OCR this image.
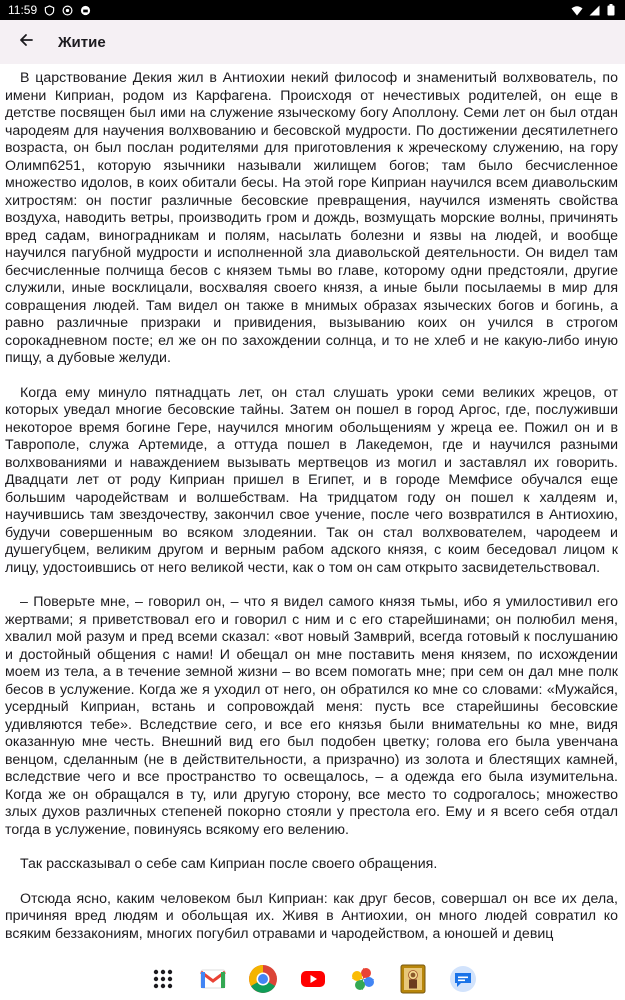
11:59
Житие

В царствование Декия жил в Антиохии некий философ и знаменитый волхвователь, по имени Киприан, родом из Карфагена. Происходя от нечестивых родителей, он еще в детстве посвящен был ими на служение языческому богу Аполлону. Семи лет он был отдан чародеям для научения волхвованию и бесовской мудрости. По достижении десятилетнего возраста, он был послан родителями для приготовления к жреческому служению, на гору Олимп6251, которую язычники называли жилищем богов; там было бесчисленное множество идолов, в коих обитали бесы. На этой горе Киприан научился всем диавольским хитростям: он постиг различные бесовские превращения, научился изменять свойства воздуха, наводить ветры, производить гром и дождь, возмущать морские волны, причинять вред садам, виноградникам и полям, насылать болезни и язвы на людей, и вообще научился пагубной мудрости и исполненной зла диавольской деятельности. Он видел там бесчисленные полчища бесов с князем тьмы во главе, которому одни предстояли, другие служили, иные восклицали, восхваляя своего князя, а иные были посылаемы в мир для совращения людей. Там видел он также в мнимых образах языческих богов и богинь, а равно различные призраки и привидения, вызыванию коих он учился в строгом сорокадневном посте; ел же он по захождении солнца, и то не хлеб и не какую-либо иную пищу, а дубовые желуди.

Когда ему минуло пятнадцать лет, он стал слушать уроки семи великих жрецов, от которых уведал многие бесовские тайны. Затем он пошел в город Аргос, где, послуживши некоторое время богине Гере, научился многим обольщениям у жреца ее. Пожил он и в Таврополе, служа Артемиде, а оттуда пошел в Лакедемон, где и научился разными волхвованиями и наваждением вызывать мертвецов из могил и заставлял их говорить. Двадцати лет от роду Киприан пришел в Египет, и в городе Мемфисе обучался еще большим чародействам и волшебствам. На тридцатом году он пошел к халдеям и, научившись там звездочеству, закончил свое учение, после чего возвратился в Антиохию, будучи совершенным во всяком злодеянии. Так он стал волхвователем, чародеем и душегубцем, великим другом и верным рабом адского князя, с коим беседовал лицом к лицу, удостоившись от него великой чести, как о том он сам открыто засвидетельствовал.

– Поверьте мне, – говорил он, – что я видел самого князя тьмы, ибо я умилостивил его жертвами; я приветствовал его и говорил с ним и с его старейшинами; он полюбил меня, хвалил мой разум и пред всеми сказал: «вот новый Замврий, всегда готовый к послушанию и достойный общения с нами! И обещал он мне поставить меня князем, по исхождении моем из тела, а в течение земной жизни – во всем помогать мне; при сем он дал мне полк бесов в услужение. Когда же я уходил от него, он обратился ко мне со словами: «Мужайся, усердный Киприан, встань и сопровождай меня: пусть все старейшины бесовские удивляются тебе». Вследствие сего, и все его князья были внимательны ко мне, видя оказанную мне честь. Внешний вид его был подобен цветку; голова его была увенчана венцом, сделанным (не в действительности, а призрачно) из золота и блестящих камней, вследствие чего и все пространство то освещалось, – а одежда его была изумительна. Когда же он обращался в ту, или другую сторону, все место то содрогалось; множество злых духов различных степеней покорно стояли у престола его. Ему и я всего себя отдал тогда в услужение, повинуясь всякому его велению.

Так рассказывал о себе сам Киприан после своего обращения.

Отсюда ясно, каким человеком был Киприан: как друг бесов, совершал он все их дела, причиняя вред людям и обольщая их. Живя в Антиохии, он много людей совратил ко всяким беззакониям, многих погубил отравами и чародейством, а юношей и девиц
